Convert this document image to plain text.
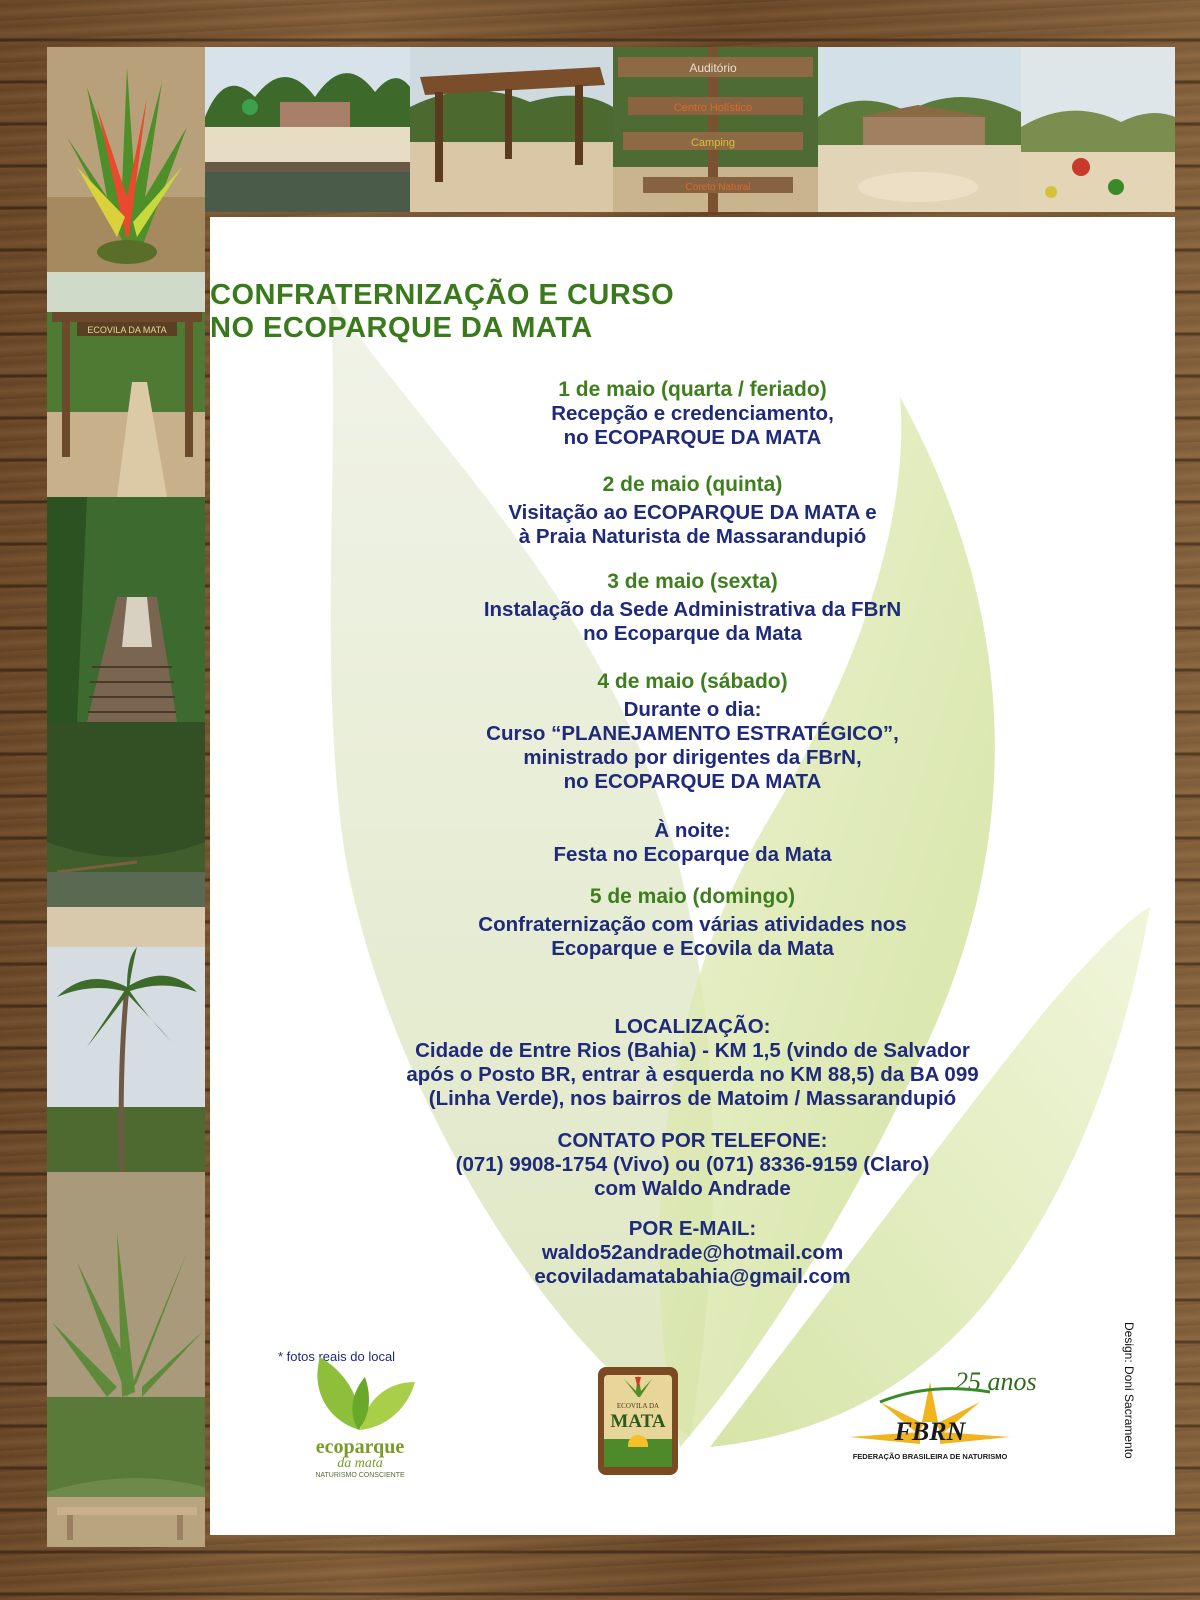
Auditório
Centro Holístico
Camping
Coreto Natural
ECOVILA DA MATA
CONFRATERNIZAÇÃO E CURSO
NO ECOPARQUE DA MATA
1 de maio (quarta / feriado)
Recepção e credenciamento,
no ECOPARQUE DA MATA
2 de maio (quinta)
Visitação ao ECOPARQUE DA MATA e
à Praia Naturista de Massarandupió
3 de maio (sexta)
Instalação da Sede Administrativa da FBrN
no Ecoparque da Mata
4 de maio (sábado)
Durante o dia:
Curso “PLANEJAMENTO ESTRATÉGICO”,
ministrado por dirigentes da FBrN,
no ECOPARQUE DA MATA
À noite:
Festa no Ecoparque da Mata
5 de maio (domingo)
Confraternização com várias atividades nos
Ecoparque e Ecovila da Mata
LOCALIZAÇÃO:
Cidade de Entre Rios (Bahia) - KM 1,5 (vindo de Salvador
após o Posto BR, entrar à esquerda no KM 88,5) da BA 099
(Linha Verde), nos bairros de Matoim / Massarandupió
CONTATO POR TELEFONE:
(071) 9908-1754 (Vivo) ou (071) 8336-9159 (Claro)
com Waldo Andrade
POR E-MAIL:
waldo52andrade@hotmail.com
ecoviladamatabahia@gmail.com
* fotos reais do local
ecoparque
da mata
NATURISMO CONSCIENTE
ECOVILA DA
MATA
25 anos
FBRN
FEDERAÇÃO BRASILEIRA DE NATURISMO	Design: Doni Sacramento
